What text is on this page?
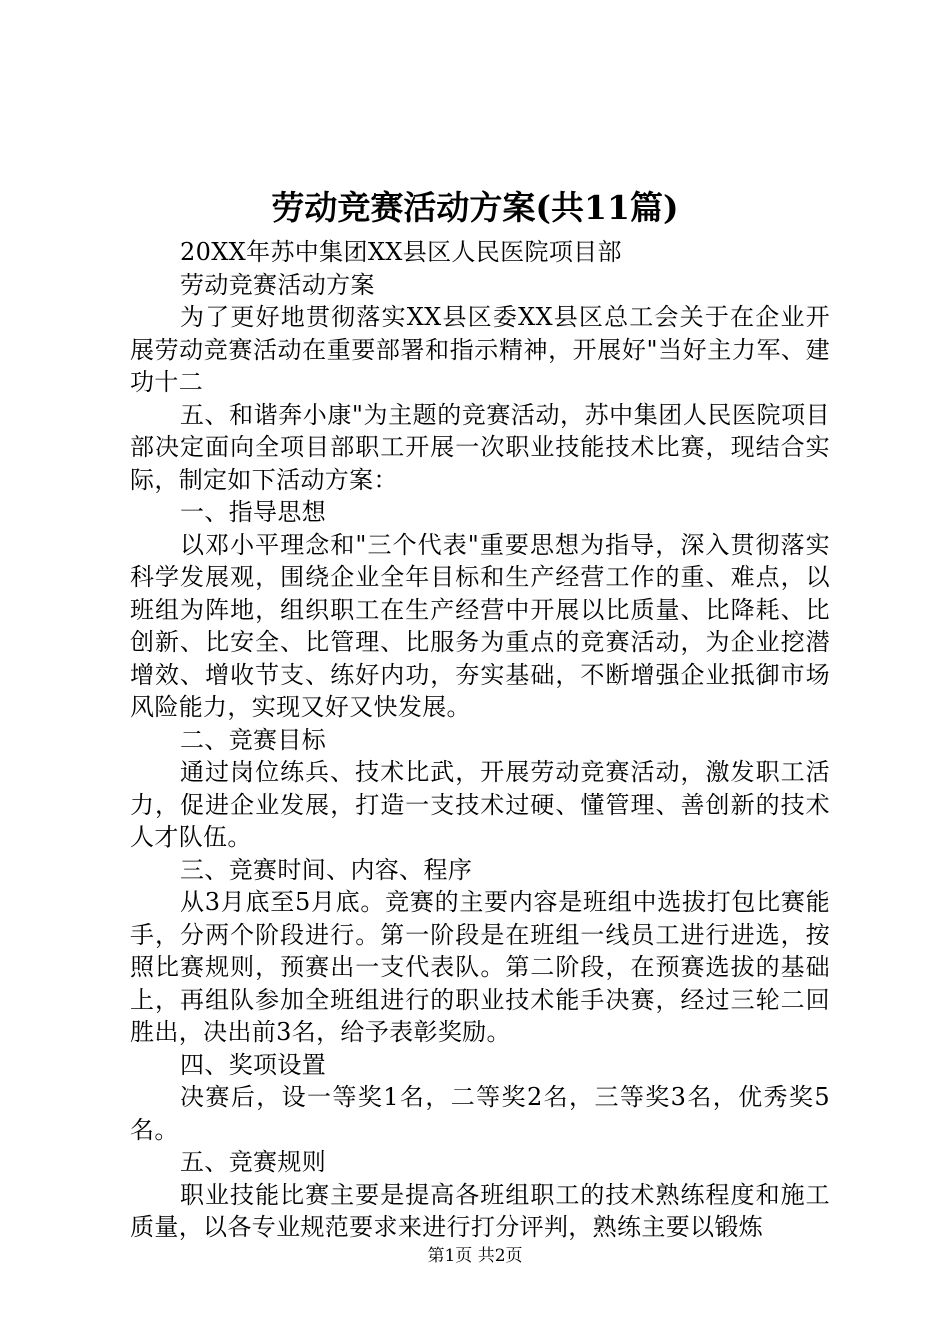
劳动竞赛活动方案(共11篇)

20XX年苏中集团XX县区人民医院项目部

劳动竞赛活动方案

为了更好地贯彻落实XX县区委XX县区总工会关于在企业开展劳动竞赛活动在重要部署和指示精神，开展好"当好主力军、建功十二

五、和谐奔小康"为主题的竞赛活动，苏中集团人民医院项目部决定面向全项目部职工开展一次职业技能技术比赛，现结合实际，制定如下活动方案：

一、指导思想

以邓小平理念和"三个代表"重要思想为指导，深入贯彻落实科学发展观，围绕企业全年目标和生产经营工作的重、难点，以班组为阵地，组织职工在生产经营中开展以比质量、比降耗、比创新、比安全、比管理、比服务为重点的竞赛活动，为企业挖潜增效、增收节支、练好内功，夯实基础，不断增强企业抵御市场风险能力，实现又好又快发展。

二、竞赛目标

通过岗位练兵、技术比武，开展劳动竞赛活动，激发职工活力，促进企业发展，打造一支技术过硬、懂管理、善创新的技术人才队伍。

三、竞赛时间、内容、程序

从3月底至5月底。竞赛的主要内容是班组中选拔打包比赛能手，分两个阶段进行。第一阶段是在班组一线员工进行进选，按照比赛规则，预赛出一支代表队。第二阶段，在预赛选拔的基础上，再组队参加全班组进行的职业技术能手决赛，经过三轮二回胜出，决出前3名，给予表彰奖励。

四、奖项设置

决赛后，设一等奖1名，二等奖2名，三等奖3名，优秀奖5名。

五、竞赛规则

职业技能比赛主要是提高各班组职工的技术熟练程度和施工质量，以各专业规范要求来进行打分评判，熟练主要以锻炼

第1页 共2页
